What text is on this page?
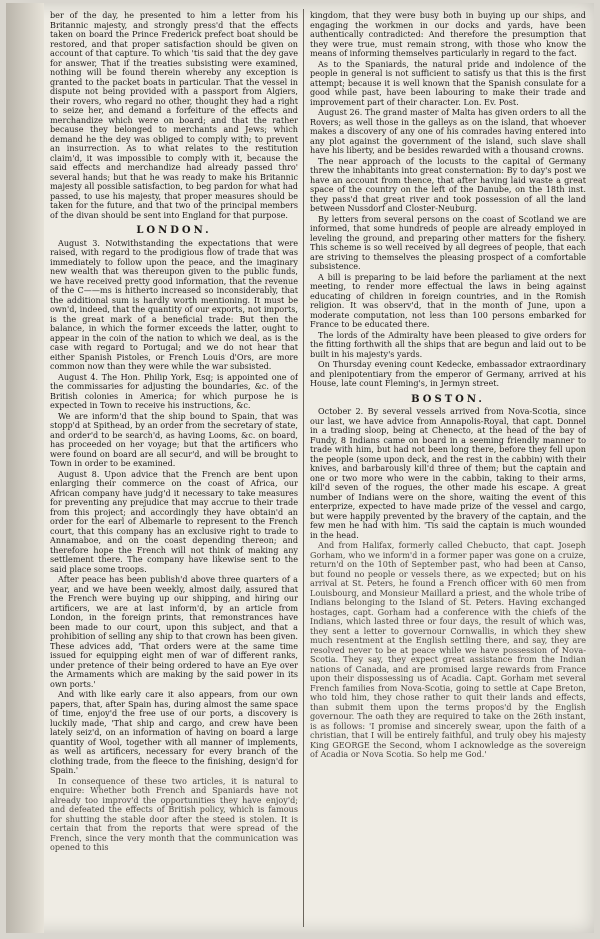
ber of the day, he presented to him a letter from his Britannic majesty, and strongly press'd that the effects taken on board the Prince Frederick prefect boat should be restored, and that proper satisfaction should be given on account of that capture. To which 'tis said that the dey gave for answer, That if the treaties subsisting were examined, nothing will be found therein whereby any exception is granted to the packet boats in particular. That the vessel in dispute not being provided with a passport from Algiers, their rovers, who regard no other, thought they had a right to seize her, and demand a forfeiture of the effects and merchandize which were on board; and that the rather because they belonged to merchants and Jews; which demand he the dey was obliged to comply with; to prevent an insurrection. As to what relates to the restitution claim'd, it was impossible to comply with it, because the said effects and merchandize had already passed thro' several hands; but that he was ready to make his Britannic majesty all possible satisfaction, to beg pardon for what had passed, to use his majesty, that proper measures should be taken for the future, and that two of the principal members of the divan should be sent into England for that purpose.

LONDON.

August 3. Notwithstanding the expectations that were raised, with regard to the prodigious flow of trade that was immediately to follow upon the peace, and the imaginary new wealth that was thereupon given to the public funds, we have received pretty good information, that the revenue of the C——ms is hitherto increased so inconsiderably, that the additional sum is hardly worth mentioning. It must be own'd, indeed, that the quantity of our exports, not imports, is the great mark of a beneficial trade: But then the balance, in which the former exceeds the latter, ought to appear in the coin of the nation to which we deal, as is the case with regard to Portugal; and we do not hear that either Spanish Pistoles, or French Louis d'Ors, are more common now than they were while the war subsisted.

August 4. The Hon. Philip York, Esq; is appointed one of the commissaries for adjusting the boundaries, &c. of the British colonies in America; for which purpose he is expected in Town to receive his instructions, &c.

We are inform'd that the ship bound to Spain, that was stopp'd at Spithead, by an order from the secretary of state, and order'd to be search'd, as having Looms, &c. on board, has proceeded on her voyage; but that the artificers who were found on board are all secur'd, and will be brought to Town in order to be examined.

August 8. Upon advice that the French are bent upon enlarging their commerce on the coast of Africa, our African company have judg'd it necessary to take measures for preventing any prejudice that may accrue to their trade from this project; and accordingly they have obtain'd an order for the earl of Albemarle to represent to the French court, that this company has an exclusive right to trade to Annamaboe, and on the coast depending thereon; and therefore hope the French will not think of making any settlement there. The company have likewise sent to the said place some troops.

After peace has been publish'd above three quarters of a year, and we have been weekly, almost daily, assured that the French were buying up our shipping, and hiring our artificers, we are at last inform'd, by an article from London, in the foreign prints, that remonstrances have been made to our court, upon this subject, and that a prohibition of selling any ship to that crown has been given. These advices add, 'That orders were at the same time issued for equipping eight men of war of different ranks, under pretence of their being ordered to have an Eye over the Armaments which are making by the said power in its own ports.'

And with like early care it also appears, from our own papers, that, after Spain has, during almost the same space of time, enjoy'd the free use of our ports, a discovery is luckily made, 'That ship and cargo, and crew have been lately seiz'd, on an information of having on board a large quantity of Wool, together with all manner of implements, as well as artificers, necessary for every branch of the clothing trade, from the fleece to the finishing, design'd for Spain.'

In consequence of these two articles, it is natural to enquire: Whether both French and Spaniards have not already too improv'd the opportunities they have enjoy'd; and defeated the effects of British policy, which is famous for shutting the stable door after the steed is stolen. It is certain that from the reports that were spread of the French, since the very month that the communication was opened to this

kingdom, that they were busy both in buying up our ships, and engaging the workmen in our docks and yards, have been authentically contradicted: And therefore the presumption that they were true, must remain strong, with those who know the means of informing themselves particularly in regard to the fact.

As to the Spaniards, the natural pride and indolence of the people in general is not sufficient to satisfy us that this is the first attempt; because it is well known that the Spanish consulate for a good while past, have been labouring to make their trade and improvement part of their character. Lon. Ev. Post.

August 26. The grand master of Malta has given orders to all the Rovers; as well those in the galleys as on the island, that whoever makes a discovery of any one of his comrades having entered into any plot against the government of the island, such slave shall have his liberty, and be besides rewarded with a thousand crowns.

The near approach of the locusts to the capital of Germany threw the inhabitants into great consternation: By to day's post we have an account from thence, that after having laid waste a great space of the country on the left of the Danube, on the 18th inst. they pass'd that great river and took possession of all the land between Nussdorf and Closter-Neuburg.

By letters from several persons on the coast of Scotland we are informed, that some hundreds of people are already employed in leveling the ground, and preparing other matters for the fishery. This scheme is so well received by all degrees of people, that each are striving to themselves the pleasing prospect of a comfortable subsistence.

A bill is preparing to be laid before the parliament at the next meeting, to render more effectual the laws in being against educating of children in foreign countries, and in the Romish religion. It was observ'd, that in the month of June, upon a moderate computation, not less than 100 persons embarked for France to be educated there.

The lords of the Admiralty have been pleased to give orders for the fitting forthwith all the ships that are begun and laid out to be built in his majesty's yards.

On Thursday evening count Kedecke, embassador extraordinary and plenipotentiary from the emperor of Germany, arrived at his House, late count Fleming's, in Jermyn street.

BOSTON.

October 2. By several vessels arrived from Nova-Scotia, since our last, we have advice from Annapolis-Royal, that capt. Donnel in a trading sloop, being at Chenecto, at the head of the bay of Fundy, 8 Indians came on board in a seeming friendly manner to trade with him, but had not been long there, before they fell upon the people (some upon deck, and the rest in the cabbin) with their knives, and barbarously kill'd three of them; but the captain and one or two more who were in the cabbin, taking to their arms, kill'd seven of the rogues, the other made his escape. A great number of Indians were on the shore, waiting the event of this enterprize, expected to have made prize of the vessel and cargo, but were happily prevented by the bravery of the captain, and the few men he had with him. 'Tis said the captain is much wounded in the head.

And from Halifax, formerly called Chebucto, that capt. Joseph Gorham, who we inform'd in a former paper was gone on a cruize, return'd on the 10th of September past, who had been at Canso, but found no people or vessels there, as we expected; but on his arrival at St. Peters, he found a French officer with 60 men from Louisbourg, and Monsieur Maillard a priest, and the whole tribe of Indians belonging to the Island of St. Peters. Having exchanged hostages, capt. Gorham had a conference with the chiefs of the Indians, which lasted three or four days, the result of which was, they sent a letter to governour Cornwallis, in which they shew much resentment at the English settling there, and say, they are resolved never to be at peace while we have possession of Nova-Scotia. They say, they expect great assistance from the Indian nations of Canada, and are promised large rewards from France upon their dispossessing us of Acadia. Capt. Gorham met several French families from Nova-Scotia, going to settle at Cape Breton, who told him, they chose rather to quit their lands and effects, than submit them upon the terms propos'd by the English governour. The oath they are required to take on the 26th instant, is as follows: 'I promise and sincerely swear, upon the faith of a christian, that I will be entirely faithful, and truly obey his majesty King GEORGE the Second, whom I acknowledge as the sovereign of Acadia or Nova Scotia. So help me God.'
